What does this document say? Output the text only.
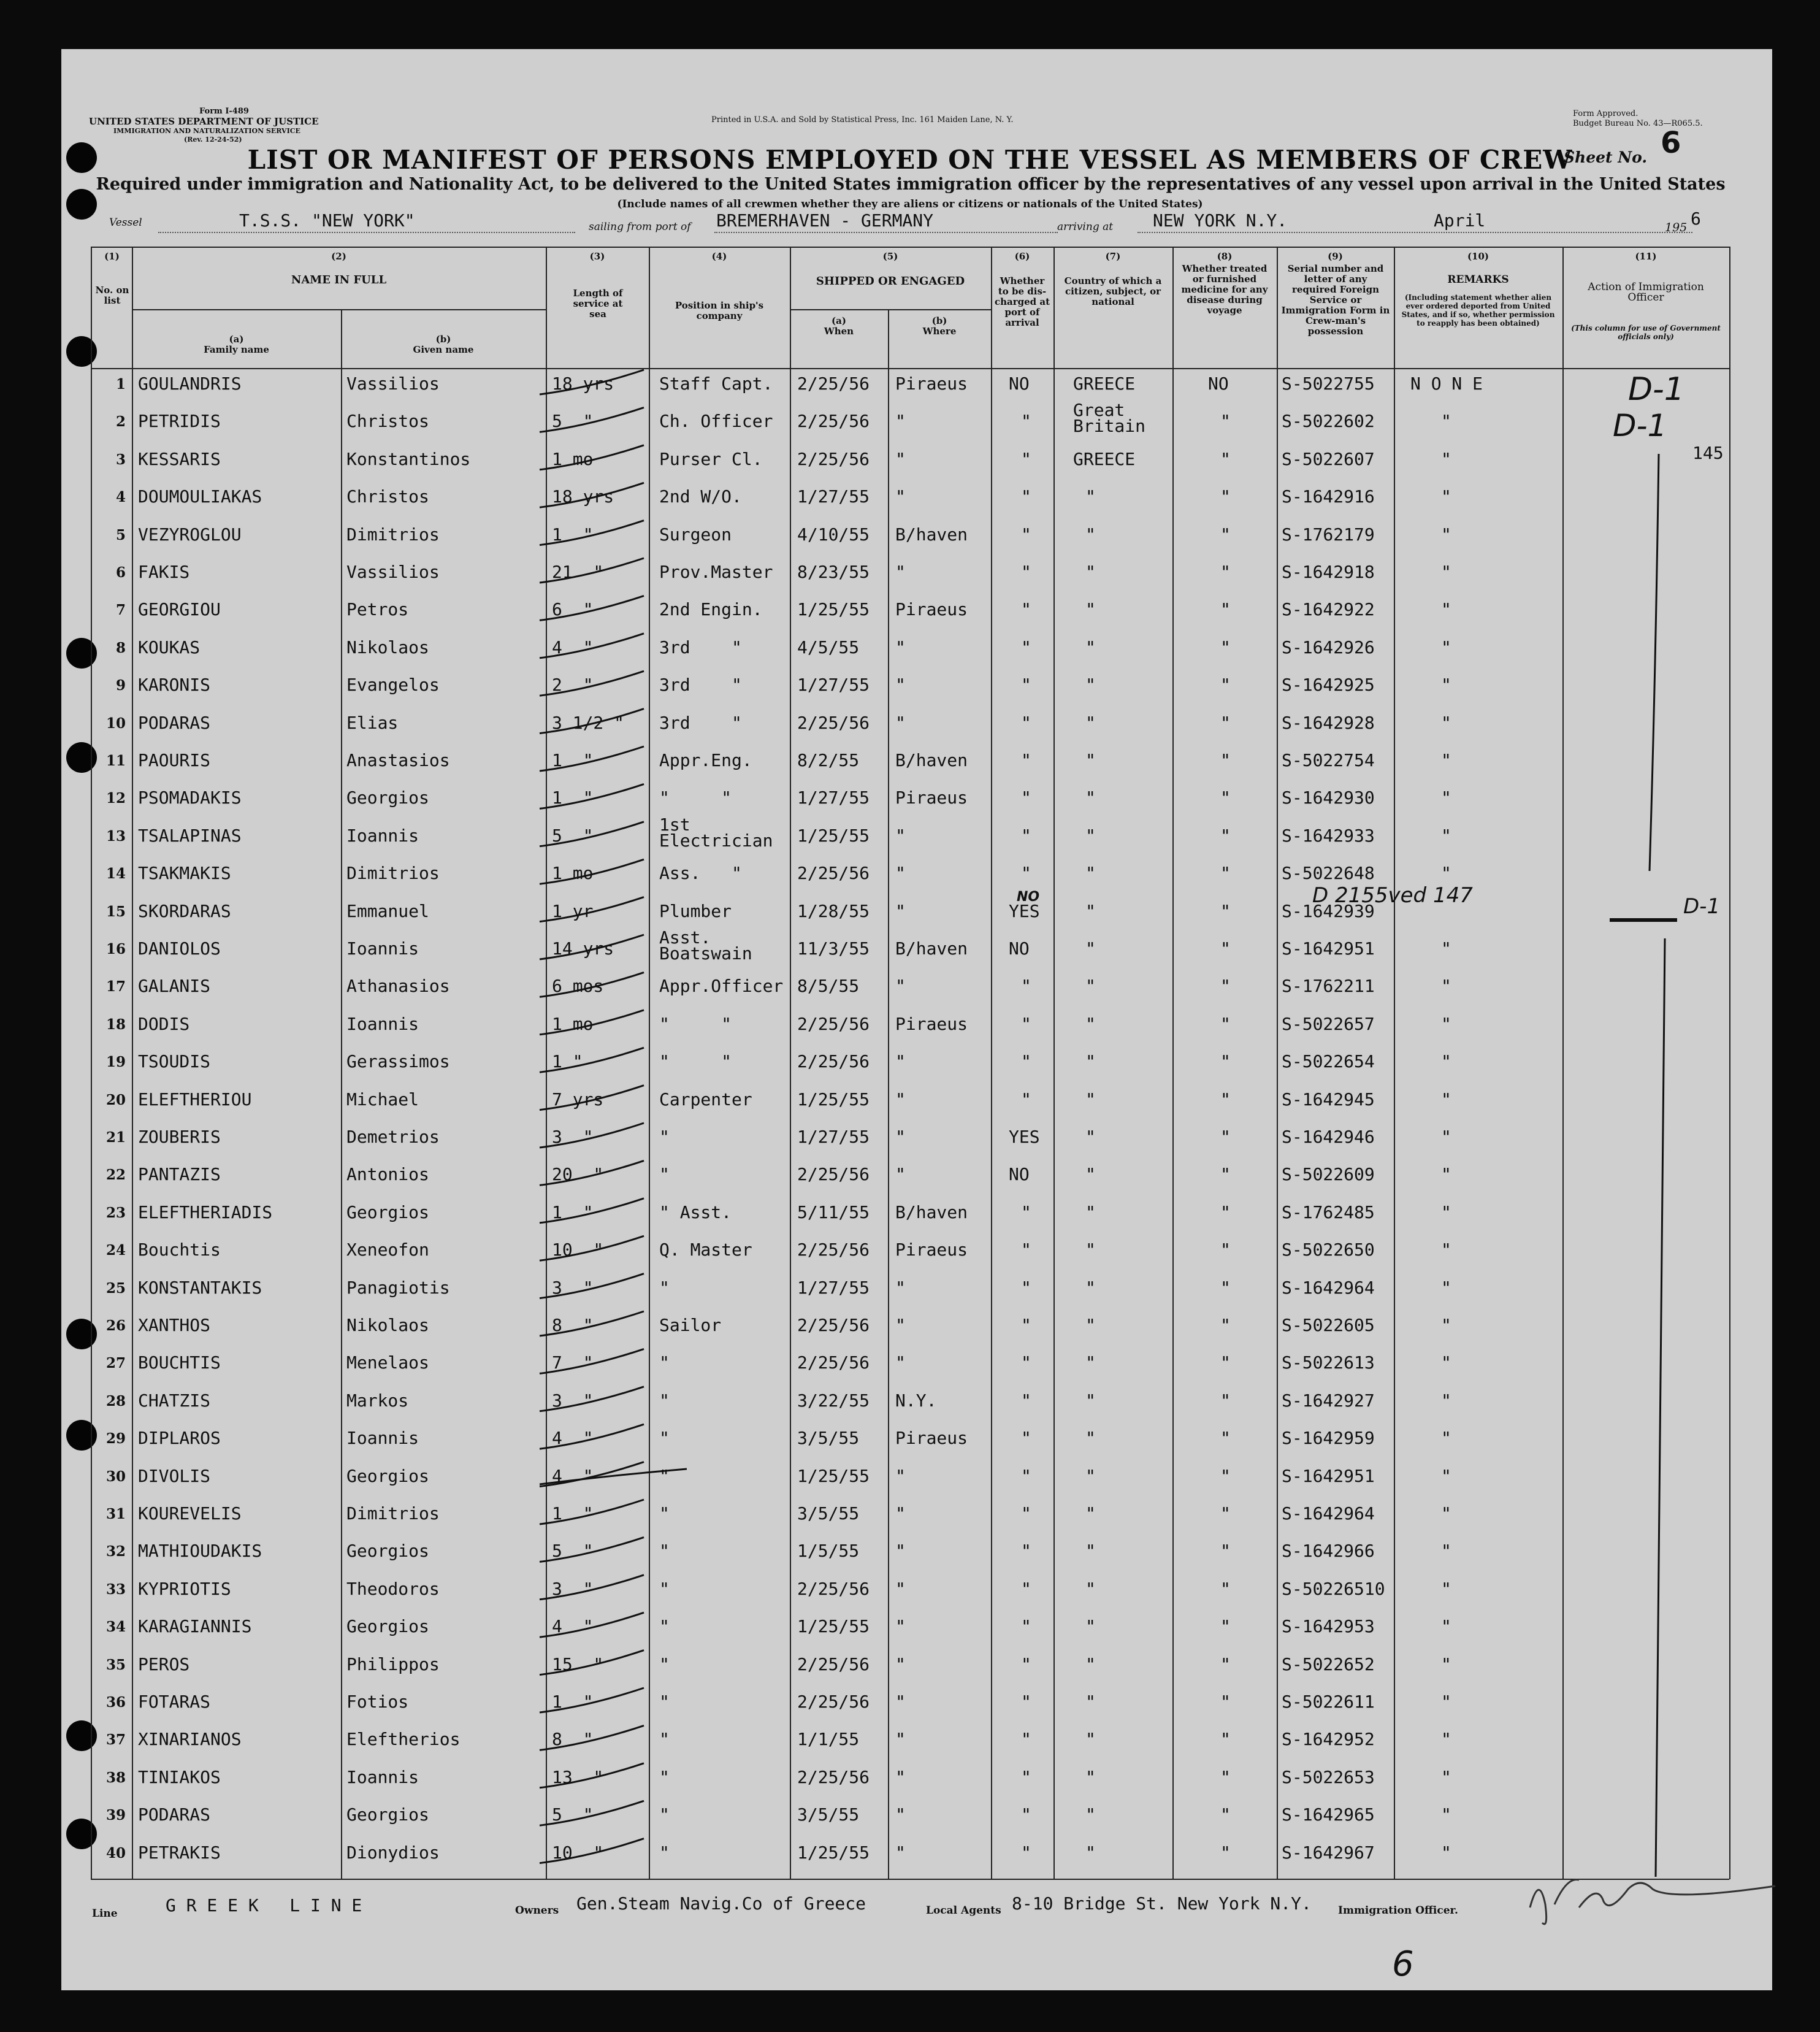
Form I-489
UNITED STATES DEPARTMENT OF JUSTICE
IMMIGRATION AND NATURALIZATION SERVICE
(Rev. 12-24-52)
Printed in U.S.A. and Sold by Statistical Press, Inc. 161 Maiden Lane, N. Y.
Form Approved.
Budget Bureau No. 43—R065.5.
Sheet No. 6
LIST OR MANIFEST OF PERSONS EMPLOYED ON THE VESSEL AS MEMBERS OF CREW
Required under immigration and Nationality Act, to be delivered to the United States immigration officer by the representatives of any vessel upon arrival in the United States
(Include names of all crewmen whether they are aliens or citizens or nationals of the United States)
Vessel	T.S.S. "NEW YORK"	sailing from port of BREMERHAVEN - GERMANY	arriving at NEW YORK N.Y.	April	195 6
(1)
No. on list
(2)
NAME IN FULL
(a)
Family name
(b)
Given name
(3)
Length of service at sea
(4)
Position in ship's company
(5)
SHIPPED OR ENGAGED
(a)
When
(b)
Where
(6)
Whether to be dis-charged at port of arrival
(7)
Country of which a citizen, subject, or national
(8)
Whether treated or furnished medicine for any disease during voyage
(9)
Serial number and letter of any required Foreign Service or Immigration Form in Crew-man's possession
(10)
REMARKS
(Including statement whether alien ever ordered deported from United States, and if so, whether permission to reapply has been obtained)
(11)
Action of Immigration Officer
(This column for use of Government officials only)
1 GOULANDRIS	Vassilios	18 yrs	Staff Capt. 2/25/56 Piraeus NO	GREECE	NO	S-5022755 N O N E
2 PETRIDIS	Christos	5  "	Ch. Officer 2/25/56 "	"
Great
Britain	"	S-5022602	"
3 KESSARIS	Konstantinos	1 mo	Purser Cl. 2/25/56 "	" GREECE	"	S-5022607	"
4 DOUMOULIAKAS	Christos	18 yrs	2nd W/O.	1/27/55 "	"	"	"	S-1642916	"
5 VEZYROGLOU	Dimitrios	1  "	Surgeon	4/10/55 B/haven	"	"	"	S-1762179	"
6 FAKIS	Vassilios	21  "	Prov.Master 8/23/55 "	"	"	"	S-1642918	"
7 GEORGIOU	Petros	6  "	2nd Engin. 1/25/55 Piraeus	"	"	"	S-1642922	"
8 KOUKAS	Nikolaos	4  "	3rd    "	4/5/55 "	"	"	"	S-1642926	"
9 KARONIS	Evangelos	2  "	3rd    "	1/27/55 "	"	"	"	S-1642925	"
10 PODARAS	Elias	3 1/2 " 3rd    "	2/25/56 "	"	"	"	S-1642928	"
11 PAOURIS	Anastasios	1  "	Appr.Eng.	8/2/55 B/haven	"	"	"	S-5022754	"
12 PSOMADAKIS	Georgios	1  "	"     "	1/27/55 Piraeus	"	"	"	S-1642930	"
13 TSALAPINAS	Ioannis	5  "
1st
Electrician 1/25/55 "	"	"	"	S-1642933	"
14 TSAKMAKIS	Dimitrios	1 mo	Ass.   "	2/25/56 "	"	"	"	S-5022648	"
15 SKORDARAS	Emmanuel	1 yr	Plumber	1/28/55 "	YES	"	"	S-1642939
16 DANIOLOS	Ioannis	14 yrs
Asst.
Boatswain	11/3/55 B/haven NO	"	"	S-1642951	"
17 GALANIS	Athanasios	6 mos	Appr.Officer 8/5/55 "	"	"	"	S-1762211	"
18 DODIS	Ioannis	1 mo	"     "	2/25/56 Piraeus	"	"	"	S-5022657	"
19 TSOUDIS	Gerassimos	1 "	"     "	2/25/56 "	"	"	"	S-5022654	"
20 ELEFTHERIOU	Michael	7 yrs	Carpenter	1/25/55 "	"	"	"	S-1642945	"
21 ZOUBERIS	Demetrios	3  "	"	1/27/55 "	YES	"	"	S-1642946	"
22 PANTAZIS	Antonios	20  "	"	2/25/56 "	NO	"	"	S-5022609	"
23 ELEFTHERIADIS	Georgios	1  "	" Asst.	5/11/55 B/haven	"	"	"	S-1762485	"
24 Bouchtis	Xeneofon	10  "	Q. Master	2/25/56 Piraeus	"	"	"	S-5022650	"
25 KONSTANTAKIS	Panagiotis	3  "	"	1/27/55 "	"	"	"	S-1642964	"
26 XANTHOS	Nikolaos	8  "	Sailor	2/25/56 "	"	"	"	S-5022605	"
27 BOUCHTIS	Menelaos	7  "	"	2/25/56 "	"	"	"	S-5022613	"
28 CHATZIS	Markos	3  "	"	3/22/55 N.Y.	"	"	"	S-1642927	"
29 DIPLAROS	Ioannis	4  "	"	3/5/55 Piraeus	"	"	"	S-1642959	"
30 DIVOLIS	Georgios	4  "	"	1/25/55 "	"	"	"	S-1642951	"
31 KOUREVELIS	Dimitrios	1  "	"	3/5/55 "	"	"	"	S-1642964	"
32 MATHIOUDAKIS	Georgios	5  "	"	1/5/55 "	"	"	"	S-1642966	"
33 KYPRIOTIS	Theodoros	3  "	"	2/25/56 "	"	"	"	S-50226510	"
34 KARAGIANNIS	Georgios	4  "	"	1/25/55 "	"	"	"	S-1642953	"
35 PEROS	Philippos	15  "	"	2/25/56 "	"	"	"	S-5022652	"
36 FOTARAS	Fotios	1  "	"	2/25/56 "	"	"	"	S-5022611	"
37 XINARIANOS	Eleftherios	8  "	"	1/1/55 "	"	"	"	S-1642952	"
38 TINIAKOS	Ioannis	13  "	"	2/25/56 "	"	"	"	S-5022653	"
39 PODARAS	Georgios	5  "	"	3/5/55 "	"	"	"	S-1642965	"
40 PETRAKIS	Dionydios	10  "	"	1/25/55 "	"	"	"	S-1642967	"
D-1
D-1
145
NO	D 2155ved 147	D-1
6
Line	G R E E K   L I N E	Owners Gen.Steam Navig.Co of Greece	Local Agents 8-10 Bridge St. New York N.Y.	Immigration Officer.
